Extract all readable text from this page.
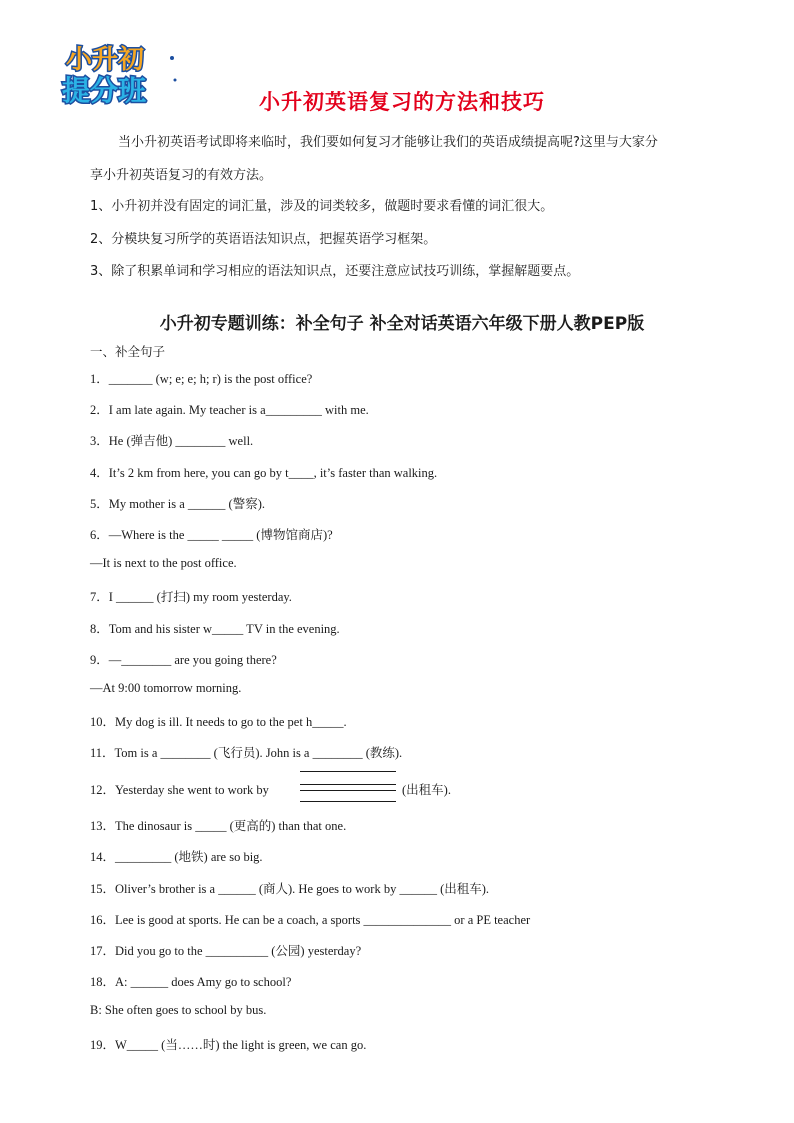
小升初
提分班	小升初英语复习的方法和技巧

当小升初英语考试即将来临时，我们要如何复习才能够让我们的英语成绩提高呢?这里与大家分

享小升初英语复习的有效方法。

1、小升初并没有固定的词汇量，涉及的词类较多，做题时要求看懂的词汇很大。

2、分模块复习所学的英语语法知识点，把握英语学习框架。

3、除了积累单词和学习相应的语法知识点，还要注意应试技巧训练，掌握解题要点。

小升初专题训练：补全句子 补全对话英语六年级下册人教PEP版
一、补全句子
1．_______ (w; e; e; h; r) is the post office?
2．I am late again. My teacher is a_________ with me.
3．He (弹吉他) ________ well.
4．It’s 2 km from here, you can go by t____, it’s faster than walking.
5．My mother is a ______ (警察).
6．—Where is the _____ _____ (博物馆商店)?
—It is next to the post office.
7．I ______ (打扫) my room yesterday.
8．Tom and his sister w_____ TV in the evening.
9．—________ are you going there?
—At 9:00 tomorrow morning.
10．My dog is ill. It needs to go to the pet h_____.
11．Tom is a ________ (飞行员). John is a ________ (教练).
12．Yesterday she went to work by	(出租车).
13．The dinosaur is _____ (更高的) than that one.
14．_________ (地铁) are so big.
15．Oliver’s brother is a ______ (商人). He goes to work by ______ (出租车).
16．Lee is good at sports. He can be a coach, a sports ______________ or a PE teacher
17．Did you go to the __________ (公园) yesterday?
18．A: ______ does Amy go to school?
B: She often goes to school by bus.
19．W_____ (当……时) the light is green, we can go.
